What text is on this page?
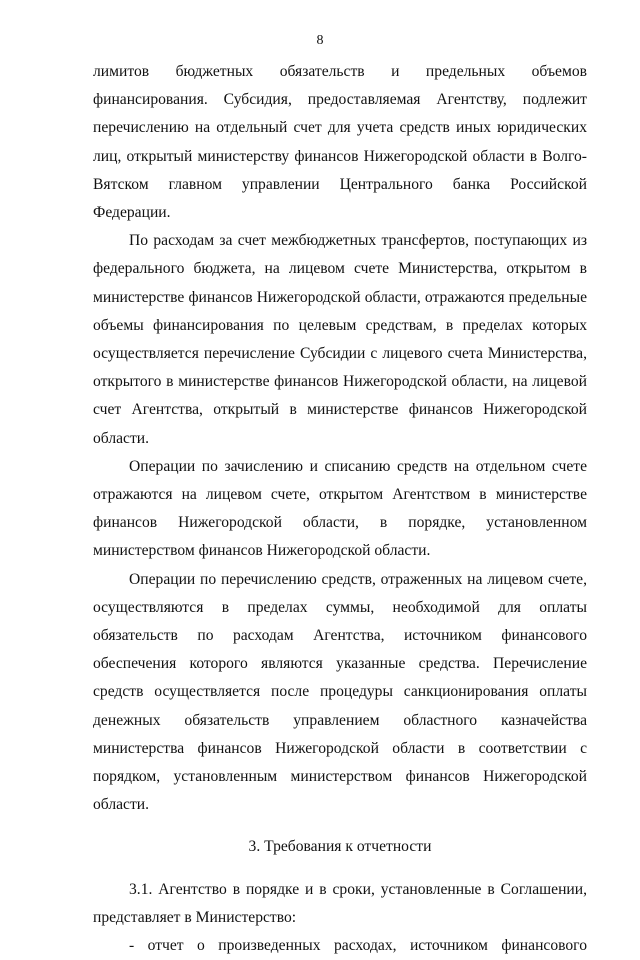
8

лимитов бюджетных обязательств и предельных объемов финансирования. Субсидия, предоставляемая Агентству, подлежит перечислению на отдельный счет для учета средств иных юридических лиц, открытый министерству финансов Нижегородской области в Волго-Вятском главном управлении Центрального банка Российской Федерации.

По расходам за счет межбюджетных трансфертов, поступающих из федерального бюджета, на лицевом счете Министерства, открытом в министерстве финансов Нижегородской области, отражаются предельные объемы финансирования по целевым средствам, в пределах которых осуществляется перечисление Субсидии с лицевого счета Министерства, открытого в министерстве финансов Нижегородской области, на лицевой счет Агентства, открытый в министерстве финансов Нижегородской области.

Операции по зачислению и списанию средств на отдельном счете отражаются на лицевом счете, открытом Агентством в министерстве финансов Нижегородской области, в порядке, установленном министерством финансов Нижегородской области.

Операции по перечислению средств, отраженных на лицевом счете, осуществляются в пределах суммы, необходимой для оплаты обязательств по расходам Агентства, источником финансового обеспечения которого являются указанные средства. Перечисление средств осуществляется после процедуры санкционирования оплаты денежных обязательств управлением областного казначейства министерства финансов Нижегородской области в соответствии с порядком, установленным министерством финансов Нижегородской области.

3. Требования к отчетности

3.1. Агентство в порядке и в сроки, установленные в Соглашении, представляет в Министерство:

- отчет о произведенных расходах, источником финансового
